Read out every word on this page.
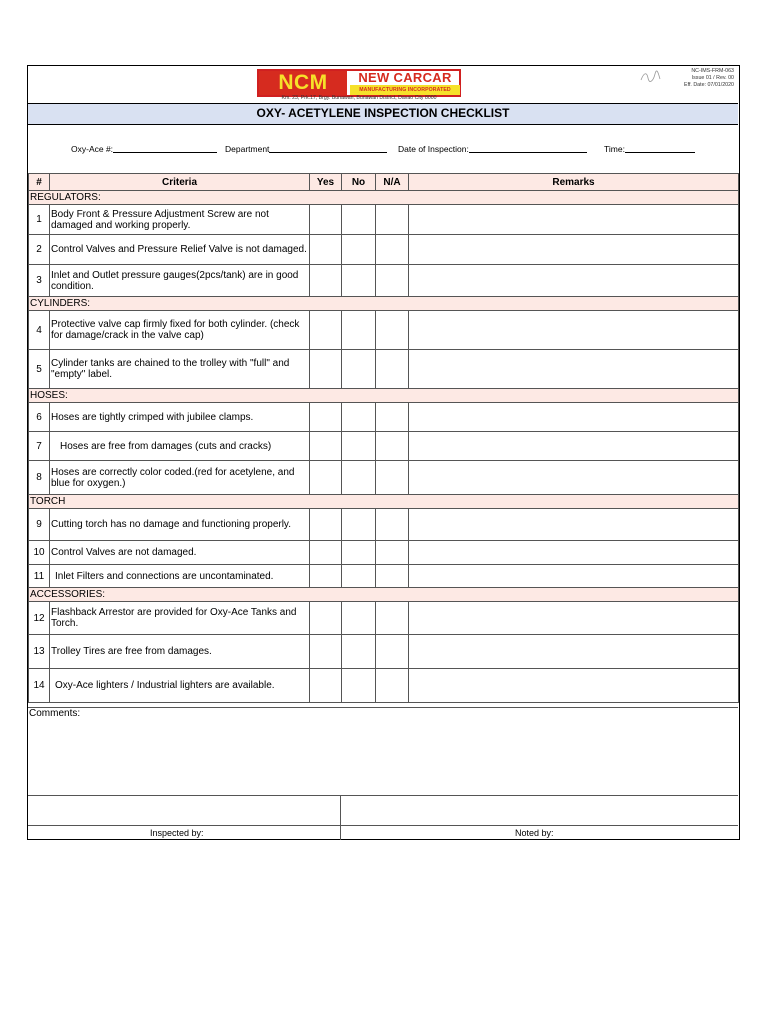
NCM	NEW CARCAR
MANUFACTURING INCORPORATED
Km. 23, Prk.17, Brgy. Bunawan, Bunawan District, Davao City 8000
NC-IMS-FRM-063
Issue 01 / Rev. 00
Eff. Date: 07/01/2020
OXY- ACETYLENE INSPECTION CHECKLIST
Oxy-Ace #:	Department	Date of Inspection:	Time:
#	Criteria	Yes	No	N/A	Remarks
REGULATORS:					
1	Body Front & Pressure Adjustment Screw are not damaged and working properly.				
2	Control Valves and Pressure Relief Valve is not damaged.				
3	Inlet and Outlet pressure gauges(2pcs/tank) are in good condition.				
CYLINDERS:					
4	Protective valve cap firmly fixed for both cylinder. (check for damage/crack in the valve cap)				
5	Cylinder tanks are chained to the trolley with "full" and "empty" label.				
HOSES:					
6	Hoses are tightly crimped with jubilee clamps.				
7	Hoses are free from damages (cuts and cracks)				
8	Hoses are correctly color coded.(red for acetylene, and blue for oxygen.)				
TORCH					
9	Cutting torch has no damage and functioning properly.				
10	Control Valves are not damaged.				
11	Inlet Filters and connections are uncontaminated.				
ACCESSORIES:					
12	Flashback Arrestor are provided for Oxy-Ace Tanks and Torch.				
13	Trolley Tires are free from damages.				
14	Oxy-Ace lighters / Industrial lighters are available.				
Comments:
Inspected by:	Noted by:
